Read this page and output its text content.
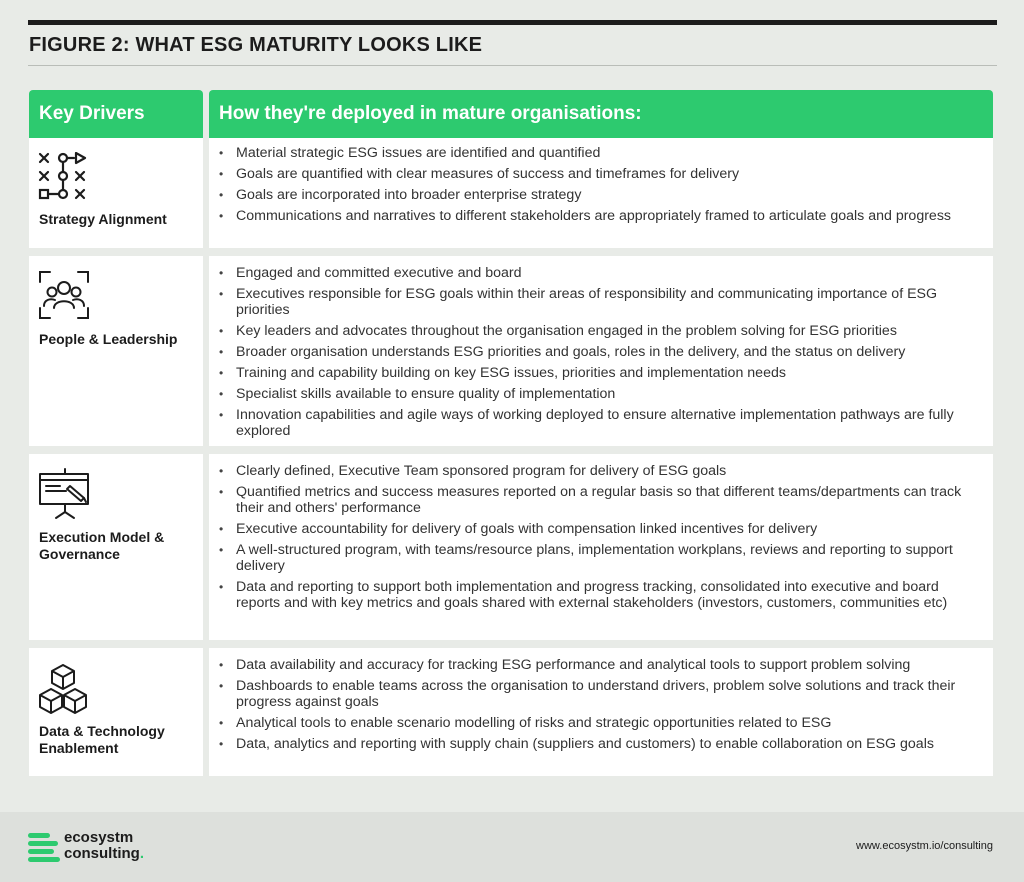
FIGURE 2: WHAT ESG MATURITY LOOKS LIKE
Key Drivers	How they're deployed in mature organisations:
Strategy Alignment
• Material strategic ESG issues are identified and quantified
• Goals are quantified with clear measures of success and timeframes for delivery
• Goals are incorporated into broader enterprise strategy
• Communications and narratives to different stakeholders are appropriately framed to articulate goals and progress
People & Leadership
• Engaged and committed executive and board
• Executives responsible for ESG goals within their areas of responsibility and communicating importance of ESG priorities
• Key leaders and advocates throughout the organisation engaged in the problem solving for ESG priorities
• Broader organisation understands ESG priorities and goals, roles in the delivery, and the status on delivery
• Training and capability building on key ESG issues, priorities and implementation needs
• Specialist skills available to ensure quality of implementation
• Innovation capabilities and agile ways of working deployed to ensure alternative implementation pathways are fully explored
Execution Model & Governance
• Clearly defined, Executive Team sponsored program for delivery of ESG goals
• Quantified metrics and success measures reported on a regular basis so that different teams/departments can track their and others' performance
• Executive accountability for delivery of goals with compensation linked incentives for delivery
• A well-structured program, with teams/resource plans, implementation workplans, reviews and reporting to support delivery
• Data and reporting to support both implementation and progress tracking, consolidated into executive and board reports and with key metrics and goals shared with external stakeholders (investors, customers, communities etc)
Data & Technology Enablement
• Data availability and accuracy for tracking ESG performance and analytical tools to support problem solving
• Dashboards to enable teams across the organisation to understand drivers, problem solve solutions and track their progress against goals
• Analytical tools to enable scenario modelling of risks and strategic opportunities related to ESG
• Data, analytics and reporting with supply chain (suppliers and customers) to enable collaboration on ESG goals
ecosystm
consulting.	www.ecosystm.io/consulting
